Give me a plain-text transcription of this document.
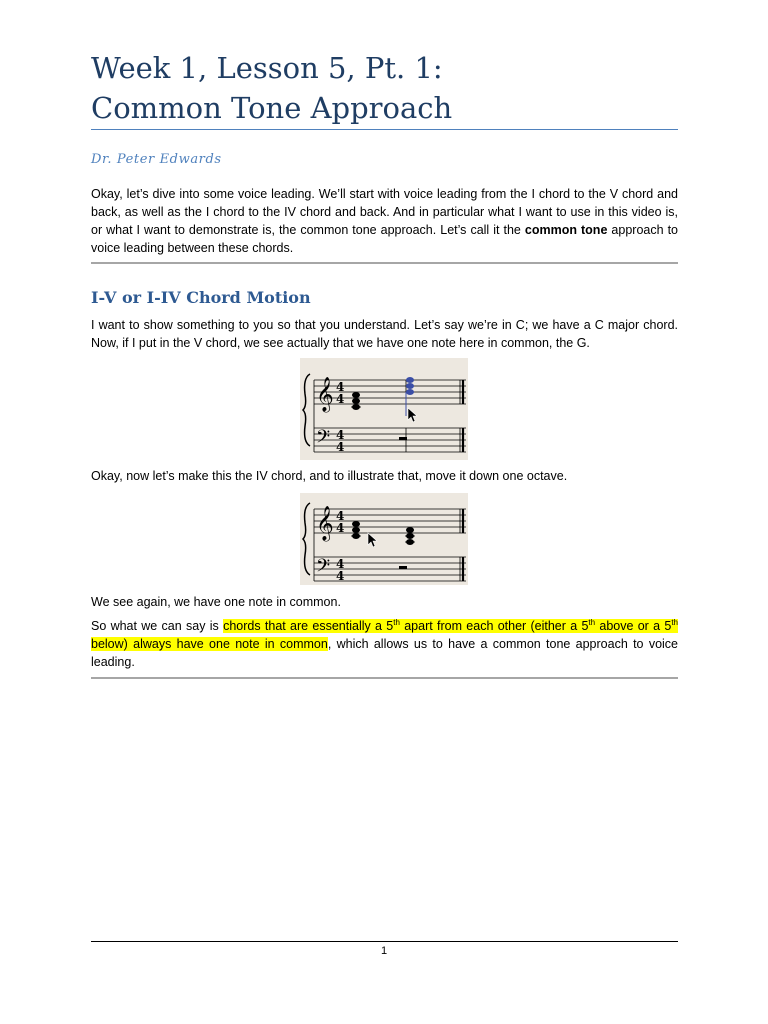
Week 1, Lesson 5, Pt. 1:
Common Tone Approach
Dr. Peter Edwards

Okay, let’s dive into some voice leading. We’ll start with voice leading from the I chord to the V chord and back, as well as the I chord to the IV chord and back. And in particular what I want to use in this video is, or what I want to demonstrate is, the common tone approach. Let’s call it the common tone approach to voice leading between these chords.

I-V or I-IV Chord Motion

I want to show something to you so that you understand. Let’s say we’re in C; we have a C major chord. Now, if I put in the V chord, we see actually that we have one note here in common, the G.

𝄞
𝄢
4
4
4
4

Okay, now let’s make this the IV chord, and to illustrate that, move it down one octave.

𝄞
𝄢
4
4
4
4

We see again, we have one note in common.

So what we can say is chords that are essentially a 5th apart from each other (either a 5th above or a 5th below) always have one note in common, which allows us to have a common tone approach to voice leading.

1
